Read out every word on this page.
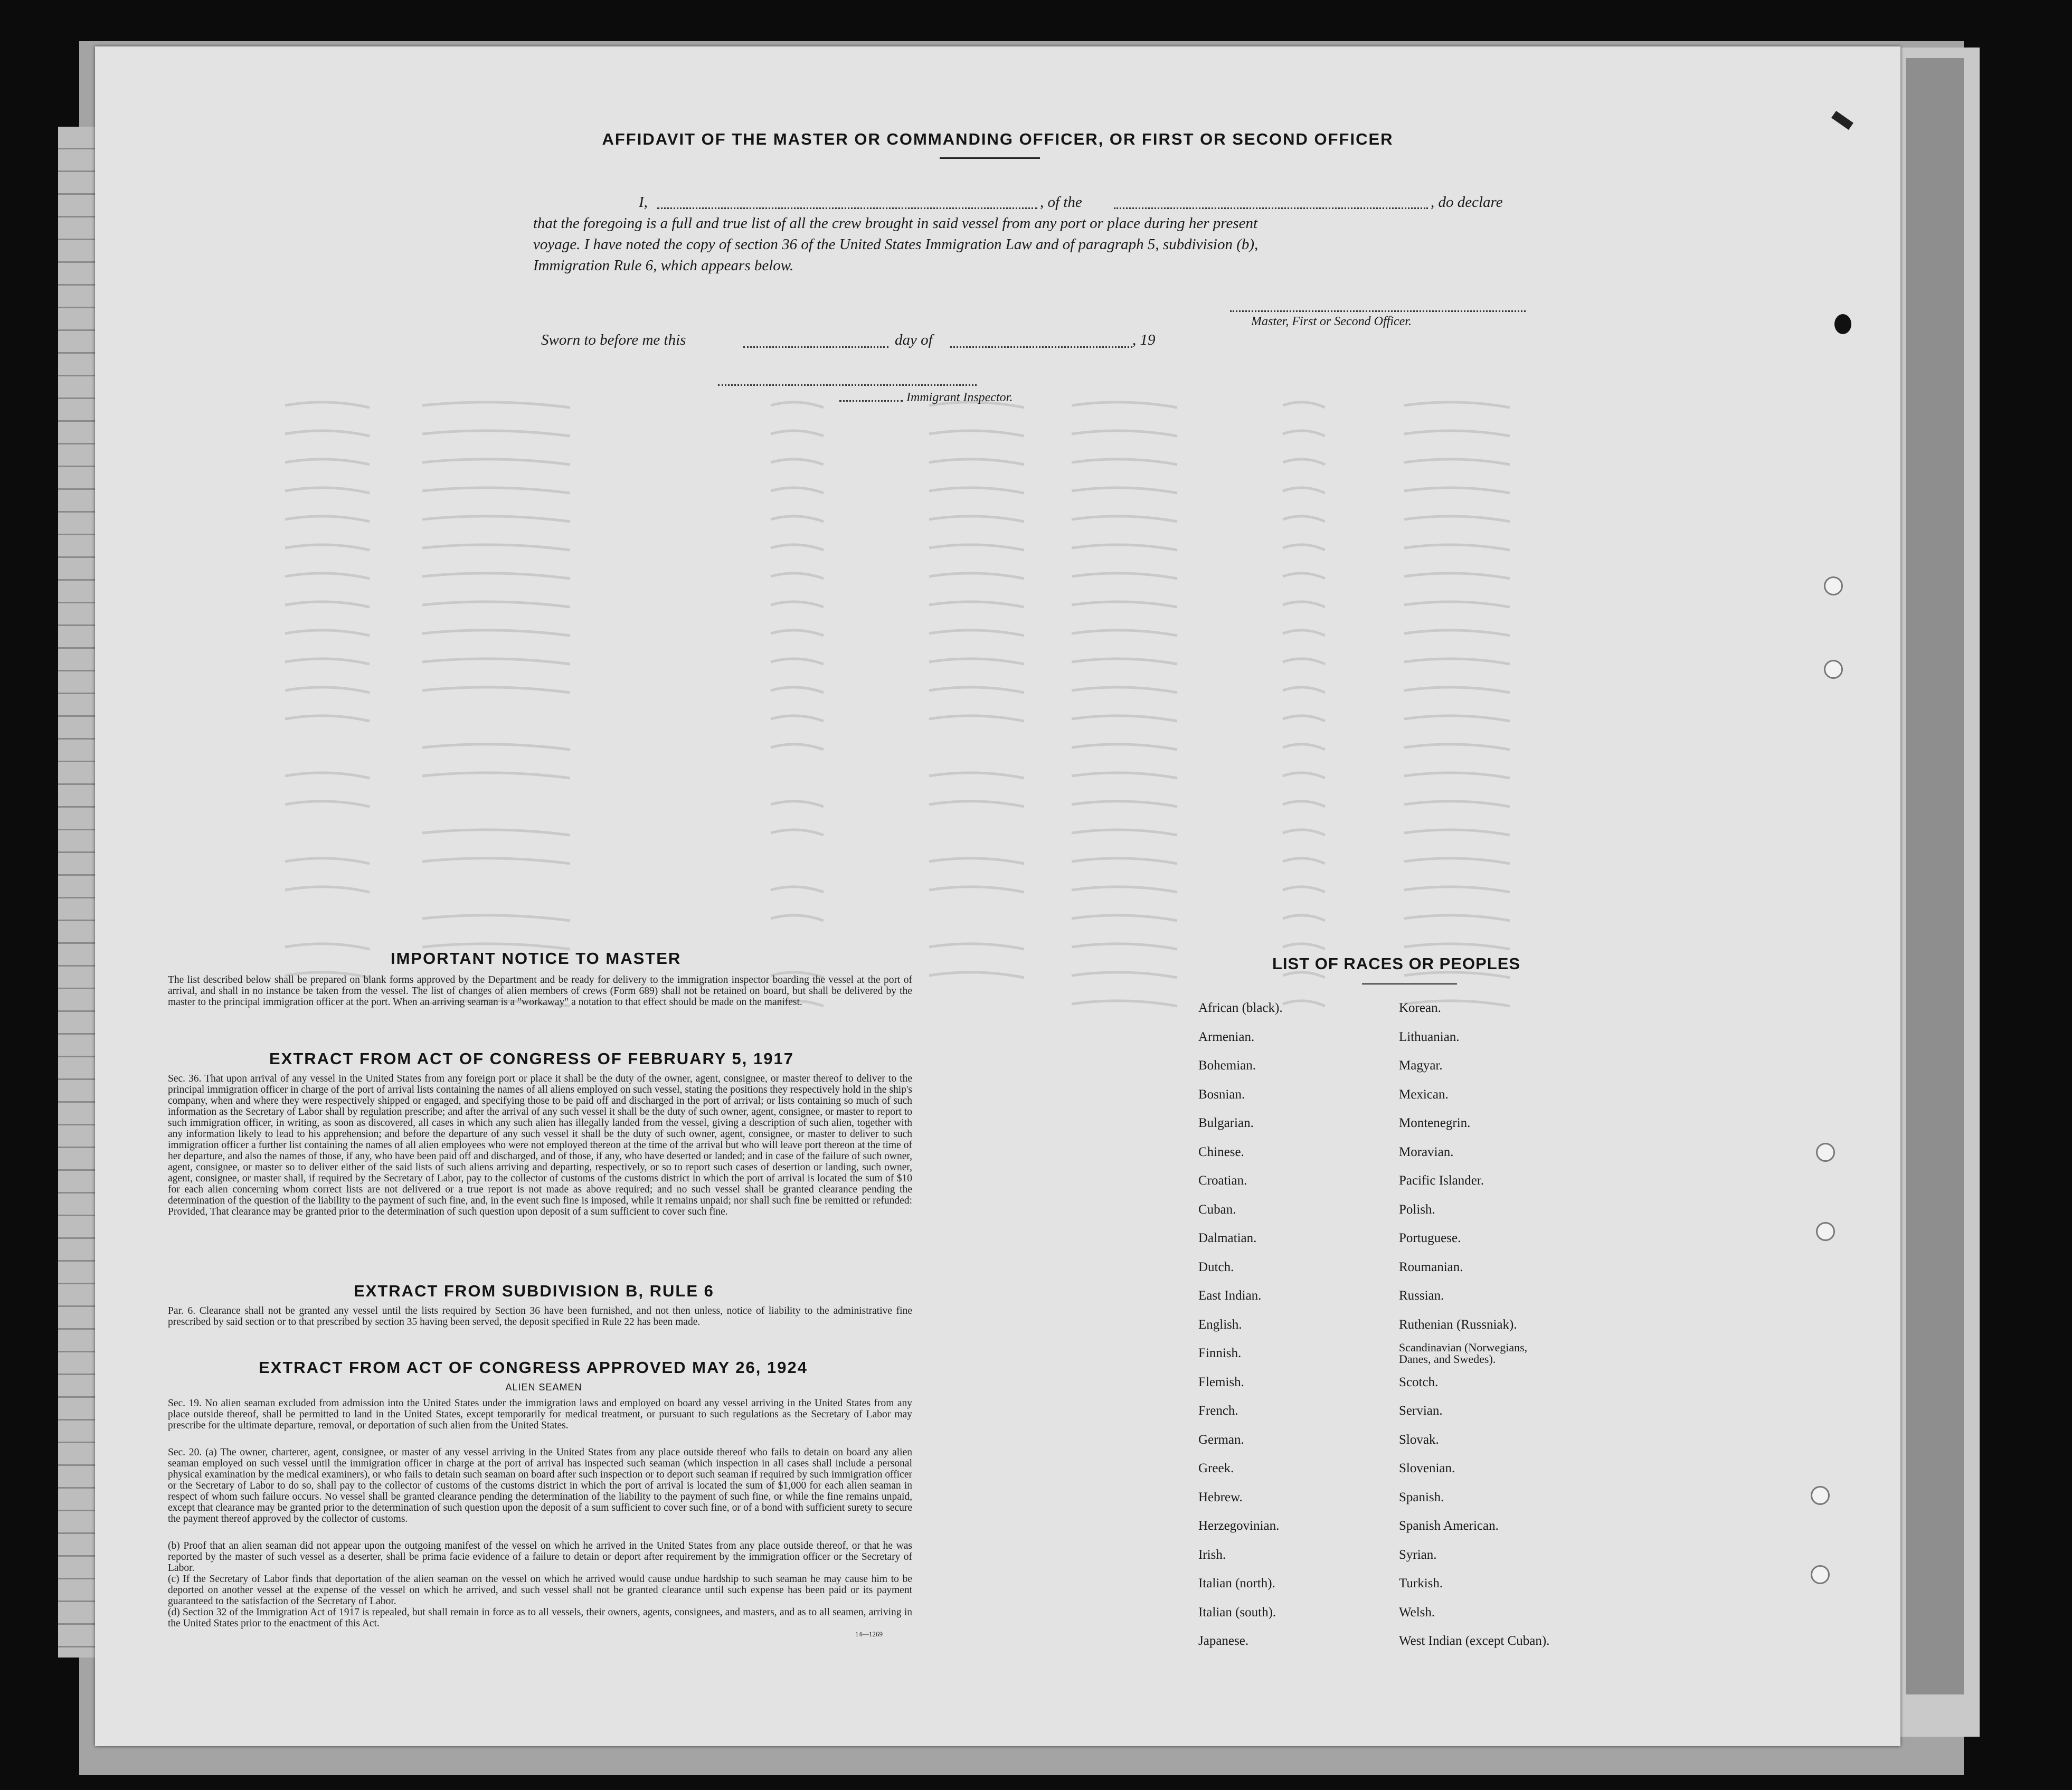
AFFIDAVIT OF THE MASTER OR COMMANDING OFFICER, OR FIRST OR SECOND OFFICER
I,	, of the	, do declare
that the foregoing is a full and true list of all the crew brought in said vessel from any port or place during her present
voyage. I have noted the copy of section 36 of the United States Immigration Law and of paragraph 5, subdivision (b),
Immigration Rule 6, which appears below.
Master, First or Second Officer.
Sworn to before me this	day of	, 19
Immigrant Inspector.
IMPORTANT NOTICE TO MASTER
The list described below shall be prepared on blank forms approved by the Department and be ready for delivery to the immigration inspector boarding the vessel at the port of arrival, and shall in no instance be taken from the vessel. The list of changes of alien members of crews (Form 689) shall not be retained on board, but shall be delivered by the master to the principal immigration officer at the port. When an arriving seaman is a "workaway" a notation to that effect should be made on the manifest.
EXTRACT FROM ACT OF CONGRESS OF FEBRUARY 5, 1917
Sec. 36. That upon arrival of any vessel in the United States from any foreign port or place it shall be the duty of the owner, agent, consignee, or master thereof to deliver to the principal immigration officer in charge of the port of arrival lists containing the names of all aliens employed on such vessel, stating the positions they respectively hold in the ship's company, when and where they were respectively shipped or engaged, and specifying those to be paid off and discharged in the port of arrival; or lists containing so much of such information as the Secretary of Labor shall by regulation prescribe; and after the arrival of any such vessel it shall be the duty of such owner, agent, consignee, or master to report to such immigration officer, in writing, as soon as discovered, all cases in which any such alien has illegally landed from the vessel, giving a description of such alien, together with any information likely to lead to his apprehension; and before the departure of any such vessel it shall be the duty of such owner, agent, consignee, or master to deliver to such immigration officer a further list containing the names of all alien employees who were not employed thereon at the time of the arrival but who will leave port thereon at the time of her departure, and also the names of those, if any, who have been paid off and discharged, and of those, if any, who have deserted or landed; and in case of the failure of such owner, agent, consignee, or master so to deliver either of the said lists of such aliens arriving and departing, respectively, or so to report such cases of desertion or landing, such owner, agent, consignee, or master shall, if required by the Secretary of Labor, pay to the collector of customs of the customs district in which the port of arrival is located the sum of $10 for each alien concerning whom correct lists are not delivered or a true report is not made as above required; and no such vessel shall be granted clearance pending the determination of the question of the liability to the payment of such fine, and, in the event such fine is imposed, while it remains unpaid; nor shall such fine be remitted or refunded: Provided, That clearance may be granted prior to the determination of such question upon deposit of a sum sufficient to cover such fine.
EXTRACT FROM SUBDIVISION B, RULE 6
Par. 6. Clearance shall not be granted any vessel until the lists required by Section 36 have been furnished, and not then unless, notice of liability to the administrative fine prescribed by said section or to that prescribed by section 35 having been served, the deposit specified in Rule 22 has been made.
EXTRACT FROM ACT OF CONGRESS APPROVED MAY 26, 1924
ALIEN SEAMEN
Sec. 19. No alien seaman excluded from admission into the United States under the immigration laws and employed on board any vessel arriving in the United States from any place outside thereof, shall be permitted to land in the United States, except temporarily for medical treatment, or pursuant to such regulations as the Secretary of Labor may prescribe for the ultimate departure, removal, or deportation of such alien from the United States.
Sec. 20. (a) The owner, charterer, agent, consignee, or master of any vessel arriving in the United States from any place outside thereof who fails to detain on board any alien seaman employed on such vessel until the immigration officer in charge at the port of arrival has inspected such seaman (which inspection in all cases shall include a personal physical examination by the medical examiners), or who fails to detain such seaman on board after such inspection or to deport such seaman if required by such immigration officer or the Secretary of Labor to do so, shall pay to the collector of customs of the customs district in which the port of arrival is located the sum of $1,000 for each alien seaman in respect of whom such failure occurs. No vessel shall be granted clearance pending the determination of the liability to the payment of such fine, or while the fine remains unpaid, except that clearance may be granted prior to the determination of such question upon the deposit of a sum sufficient to cover such fine, or of a bond with sufficient surety to secure the payment thereof approved by the collector of customs.
(b) Proof that an alien seaman did not appear upon the outgoing manifest of the vessel on which he arrived in the United States from any place outside thereof, or that he was reported by the master of such vessel as a deserter, shall be prima facie evidence of a failure to detain or deport after requirement by the immigration officer or the Secretary of Labor.
(c) If the Secretary of Labor finds that deportation of the alien seaman on the vessel on which he arrived would cause undue hardship to such seaman he may cause him to be deported on another vessel at the expense of the vessel on which he arrived, and such vessel shall not be granted clearance until such expense has been paid or its payment guaranteed to the satisfaction of the Secretary of Labor.
(d) Section 32 of the Immigration Act of 1917 is repealed, but shall remain in force as to all vessels, their owners, agents, consignees, and masters, and as to all seamen, arriving in the United States prior to the enactment of this Act.
14—1269
LIST OF RACES OR PEOPLES
African (black).
Armenian.
Bohemian.
Bosnian.
Bulgarian.
Chinese.
Croatian.
Cuban.
Dalmatian.
Dutch.
East Indian.
English.
Finnish.
Flemish.
French.
German.
Greek.
Hebrew.
Herzegovinian.
Irish.
Italian (north).
Italian (south).
Japanese.
Korean.
Lithuanian.
Magyar.
Mexican.
Montenegrin.
Moravian.
Pacific Islander.
Polish.
Portuguese.
Roumanian.
Russian.
Ruthenian (Russniak).
Scandinavian (Norwegians, Danes, and Swedes).
Scotch.
Servian.
Slovak.
Slovenian.
Spanish.
Spanish American.
Syrian.
Turkish.
Welsh.
West Indian (except Cuban).
